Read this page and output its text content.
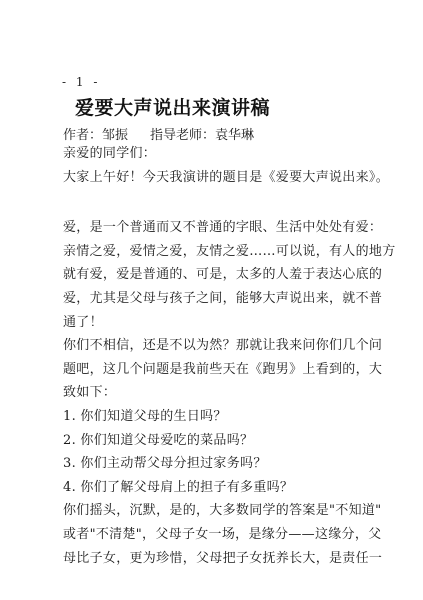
- 1 -
爱要大声说出来演讲稿
作者：邹振 指导老师：袁华琳
亲爱的同学们：
大家上午好！今天我演讲的题目是《爱要大声说出来》。
爱，是一个普通而又不普通的字眼、生活中处处有爱：
亲情之爱，爱情之爱，友情之爱……可以说，有人的地方
就有爱，爱是普通的、可是，太多的人羞于表达心底的
爱，尤其是父母与孩子之间，能够大声说出来，就不普
通了！
你们不相信，还是不以为然？那就让我来问你们几个问
题吧，这几个问题是我前些天在《跑男》上看到的，大
致如下：
1. 你们知道父母的生日吗？
2. 你们知道父母爱吃的菜品吗？
3. 你们主动帮父母分担过家务吗？
4. 你们了解父母肩上的担子有多重吗？
你们摇头，沉默，是的，大多数同学的答案是"不知道"
或者"不清楚"，父母子女一场，是缘分——这缘分，父
母比子女，更为珍惜，父母把子女抚养长大，是责任一
